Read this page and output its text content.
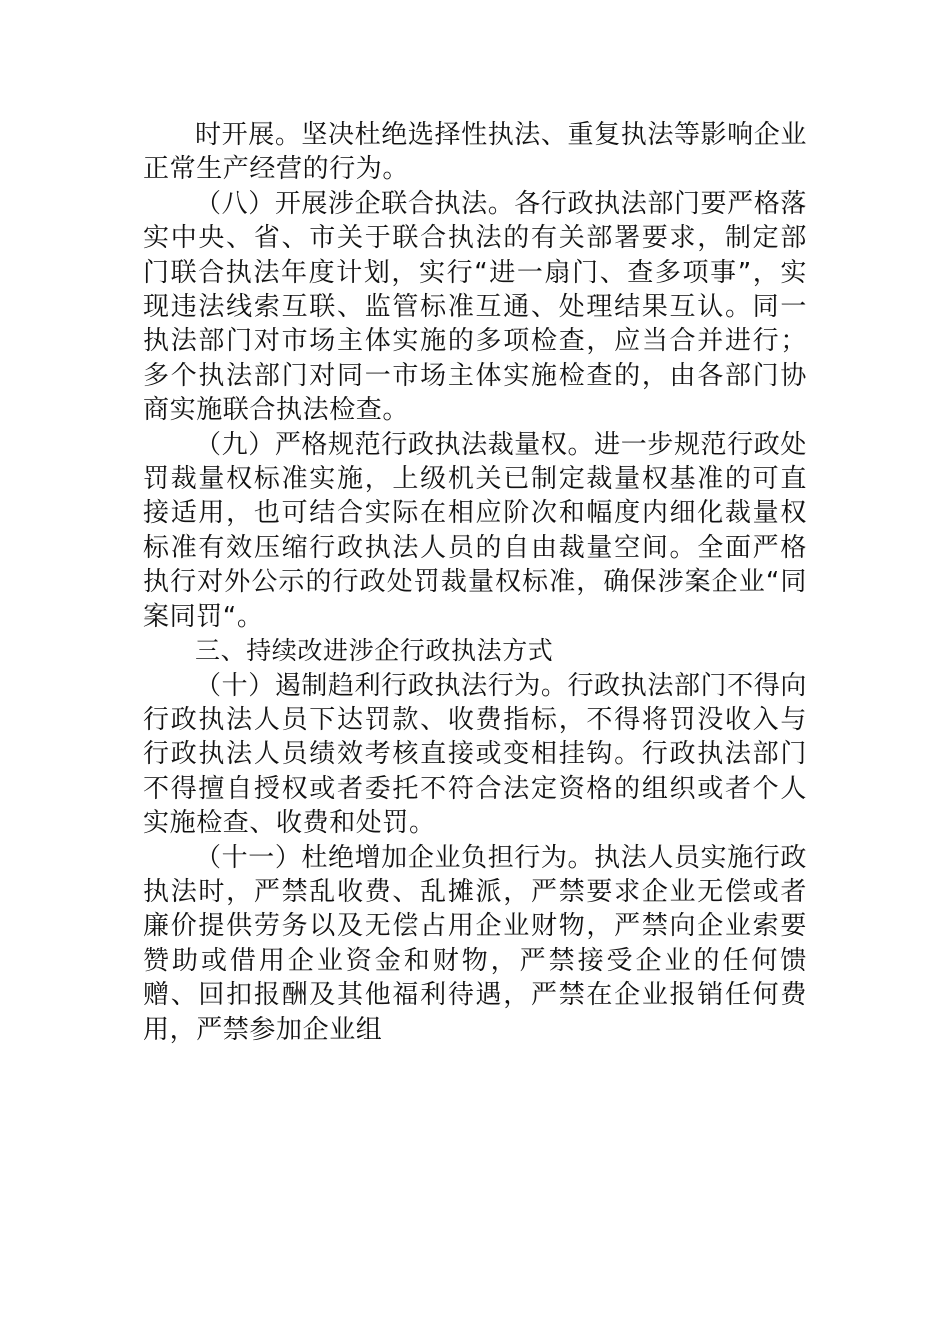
时开展。坚决杜绝选择性执法、重复执法等影响企业正常生产经营的行为。

（八）开展涉企联合执法。各行政执法部门要严格落实中央、省、市关于联合执法的有关部署要求，制定部门联合执法年度计划，实行“进一扇门、查多项事”，实现违法线索互联、监管标准互通、处理结果互认。同一执法部门对市场主体实施的多项检查，应当合并进行；多个执法部门对同一市场主体实施检查的，由各部门协商实施联合执法检查。

（九）严格规范行政执法裁量权。进一步规范行政处罚裁量权标准实施，上级机关已制定裁量权基准的可直接适用，也可结合实际在相应阶次和幅度内细化裁量权标准有效压缩行政执法人员的自由裁量空间。全面严格执行对外公示的行政处罚裁量权标准，确保涉案企业“同案同罚“。

三、持续改进涉企行政执法方式

（十）遏制趋利行政执法行为。行政执法部门不得向行政执法人员下达罚款、收费指标，不得将罚没收入与行政执法人员绩效考核直接或变相挂钩。行政执法部门不得擅自授权或者委托不符合法定资格的组织或者个人实施检查、收费和处罚。

（十一）杜绝增加企业负担行为。执法人员实施行政执法时，严禁乱收费、乱摊派，严禁要求企业无偿或者廉价提供劳务以及无偿占用企业财物，严禁向企业索要赞助或借用企业资金和财物，严禁接受企业的任何馈赠、回扣报酬及其他福利待遇，严禁在企业报销任何费用，严禁参加企业组
